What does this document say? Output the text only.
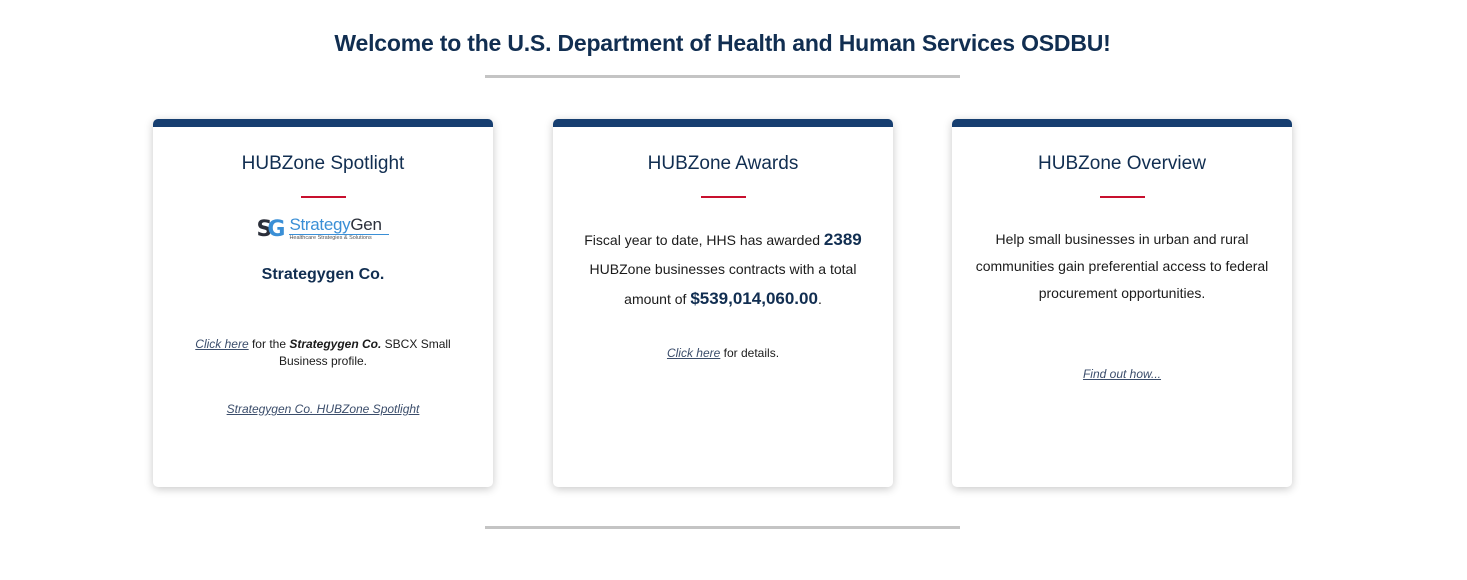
Welcome to the U.S. Department of Health and Human Services OSDBU!
HUBZone Spotlight
SG StrategyGen
Healthcare Strategies & Solutions
Strategygen Co.
Click here for the Strategygen Co. SBCX Small Business profile.
Strategygen Co. HUBZone Spotlight
HUBZone Awards
Fiscal year to date, HHS has awarded 2389 HUBZone businesses contracts with a total amount of $539,014,060.00.
Click here for details.
HUBZone Overview
Help small businesses in urban and rural communities gain preferential access to federal procurement opportunities.
Find out how...
